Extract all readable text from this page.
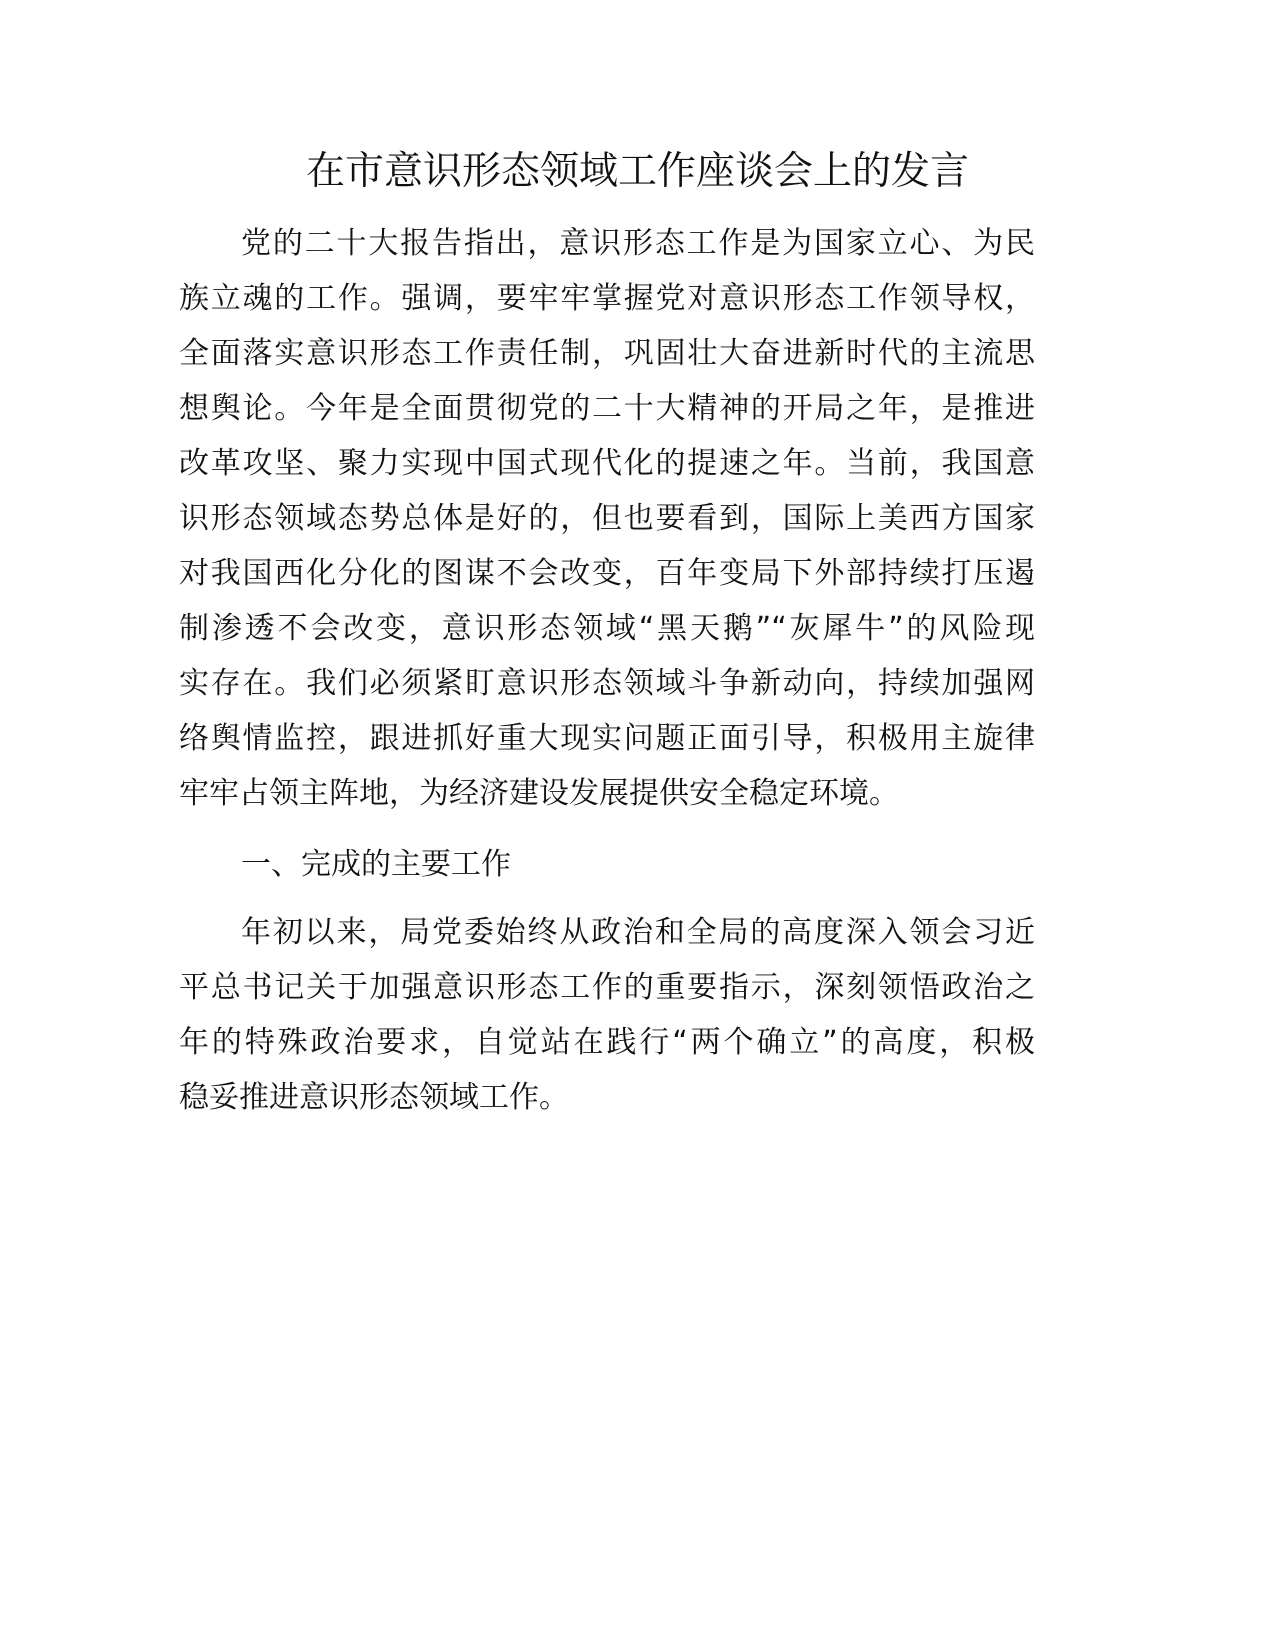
在市意识形态领域工作座谈会上的发言
党的二十大报告指出，意识形态工作是为国家立心、为民
族立魂的工作。强调，要牢牢掌握党对意识形态工作领导权，
全面落实意识形态工作责任制，巩固壮大奋进新时代的主流思
想舆论。今年是全面贯彻党的二十大精神的开局之年，是推进
改革攻坚、聚力实现中国式现代化的提速之年。当前，我国意
识形态领域态势总体是好的，但也要看到，国际上美西方国家
对我国西化分化的图谋不会改变，百年变局下外部持续打压遏
制渗透不会改变，意识形态领域“黑天鹅”“灰犀牛”的风险现
实存在。我们必须紧盯意识形态领域斗争新动向，持续加强网
络舆情监控，跟进抓好重大现实问题正面引导，积极用主旋律
牢牢占领主阵地，为经济建设发展提供安全稳定环境。
一、完成的主要工作
年初以来，局党委始终从政治和全局的高度深入领会习近
平总书记关于加强意识形态工作的重要指示，深刻领悟政治之
年的特殊政治要求，自觉站在践行“两个确立”的高度，积极
稳妥推进意识形态领域工作。
